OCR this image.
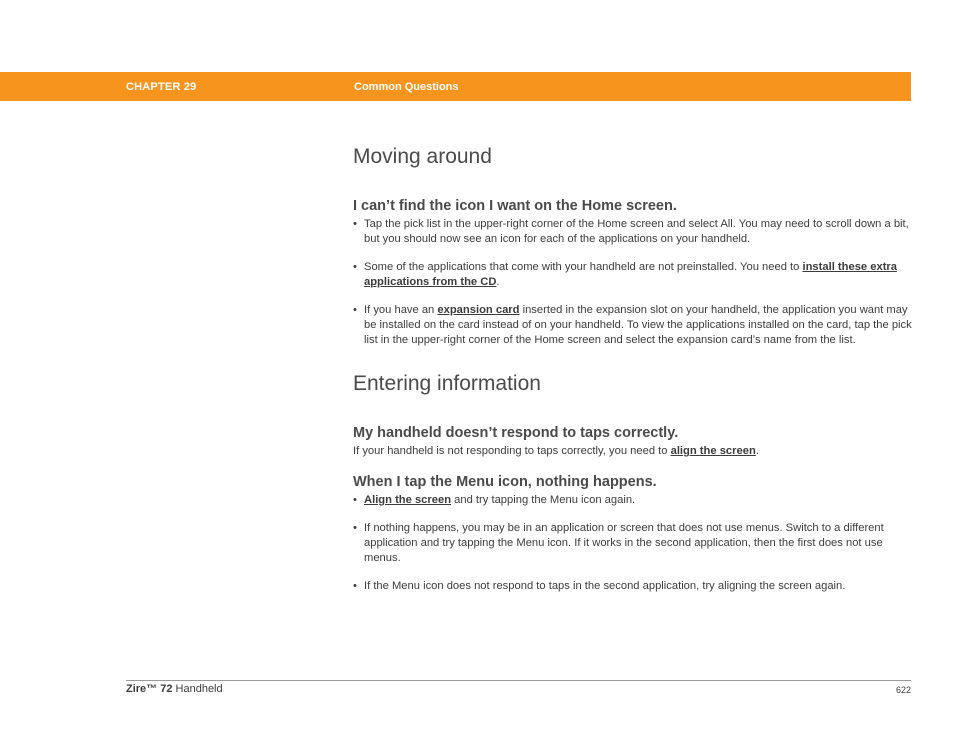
CHAPTER 29	Common Questions
Moving around
I can’t find the icon I want on the Home screen.

• Tap the pick list in the upper-right corner of the Home screen and select All. You may need to scroll down a bit, but you should now see an icon for each of the applications on your handheld.

• Some of the applications that come with your handheld are not preinstalled. You need to install these extra applications from the CD.

• If you have an expansion card inserted in the expansion slot on your handheld, the application you want may be installed on the card instead of on your handheld. To view the applications installed on the card, tap the pick list in the upper-right corner of the Home screen and select the expansion card’s name from the list.

Entering information
My handheld doesn’t respond to taps correctly.

If your handheld is not responding to taps correctly, you need to align the screen.

When I tap the Menu icon, nothing happens.

• Align the screen and try tapping the Menu icon again.

• If nothing happens, you may be in an application or screen that does not use menus. Switch to a different application and try tapping the Menu icon. If it works in the second application, then the first does not use menus.

• If the Menu icon does not respond to taps in the second application, try aligning the screen again.

Zire™ 72 Handheld	622
